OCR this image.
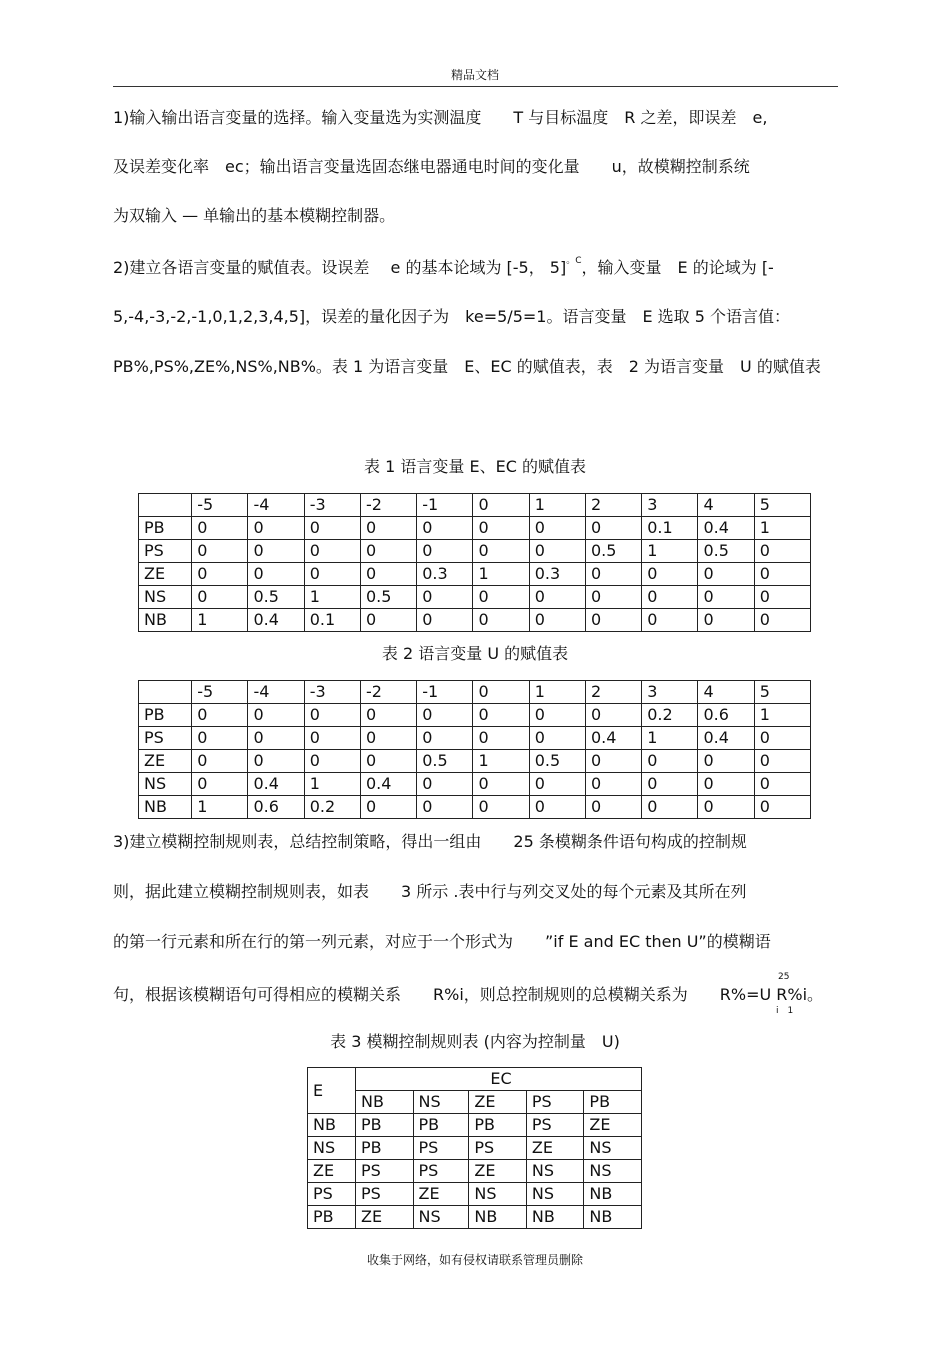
精品文档
1)输入输出语言变量的选择。输入变量选为实测温度　　T 与目标温度　R 之差，即误差　e,
及误差变化率　ec；输出语言变量选固态继电器通电时间的变化量　　u，故模糊控制系统
为双输入 — 单输出的基本模糊控制器。
2)建立各语言变量的赋值表。设误差　 e 的基本论域为 [-5， 5]$^{。C}$，输入变量　E 的论域为 [-
5,-4,-3,-2,-1,0,1,2,3,4,5]，误差的量化因子为　ke=5/5=1。语言变量　E 选取 5 个语言值：
PB%,PS%,ZE%,NS%,NB%。表 1 为语言变量　E、EC 的赋值表，表　2 为语言变量　U 的赋值表
表 1 语言变量 E、EC 的赋值表
	-5	-4	-3	-2	-1	0	1	2	3	4	5
PB	0	0	0	0	0	0	0	0	0.1	0.4	1
PS	0	0	0	0	0	0	0	0.5	1	0.5	0
ZE	0	0	0	0	0.3	1	0.3	0	0	0	0
NS	0	0.5	1	0.5	0	0	0	0	0	0	0
NB	1	0.4	0.1	0	0	0	0	0	0	0	0
表 2 语言变量 U 的赋值表
	-5	-4	-3	-2	-1	0	1	2	3	4	5
PB	0	0	0	0	0	0	0	0	0.2	0.6	1
PS	0	0	0	0	0	0	0	0.4	1	0.4	0
ZE	0	0	0	0	0.5	1	0.5	0	0	0	0
NS	0	0.4	1	0.4	0	0	0	0	0	0	0
NB	1	0.6	0.2	0	0	0	0	0	0	0	0
3)建立模糊控制规则表，总结控制策略，得出一组由　　25 条模糊条件语句构成的控制规
则，据此建立模糊控制规则表，如表　　3 所示 .表中行与列交叉处的每个元素及其所在列
的第一行元素和所在行的第一列元素，对应于一个形式为　　”if E and EC then U”的模糊语
句，根据该模糊语句可得相应的模糊关系　　R%i，则总控制规则的总模糊关系为　　R%=U R%i。
25
i　1
表 3 模糊控制规则表 (内容为控制量　U)
E	EC				
	NB	NS	ZE	PS	PB
NB	PB	PB	PB	PS	ZE
NS	PB	PS	PS	ZE	NS
ZE	PS	PS	ZE	NS	NS
PS	PS	ZE	NS	NS	NB
PB	ZE	NS	NB	NB	NB
收集于网络，如有侵权请联系管理员删除
